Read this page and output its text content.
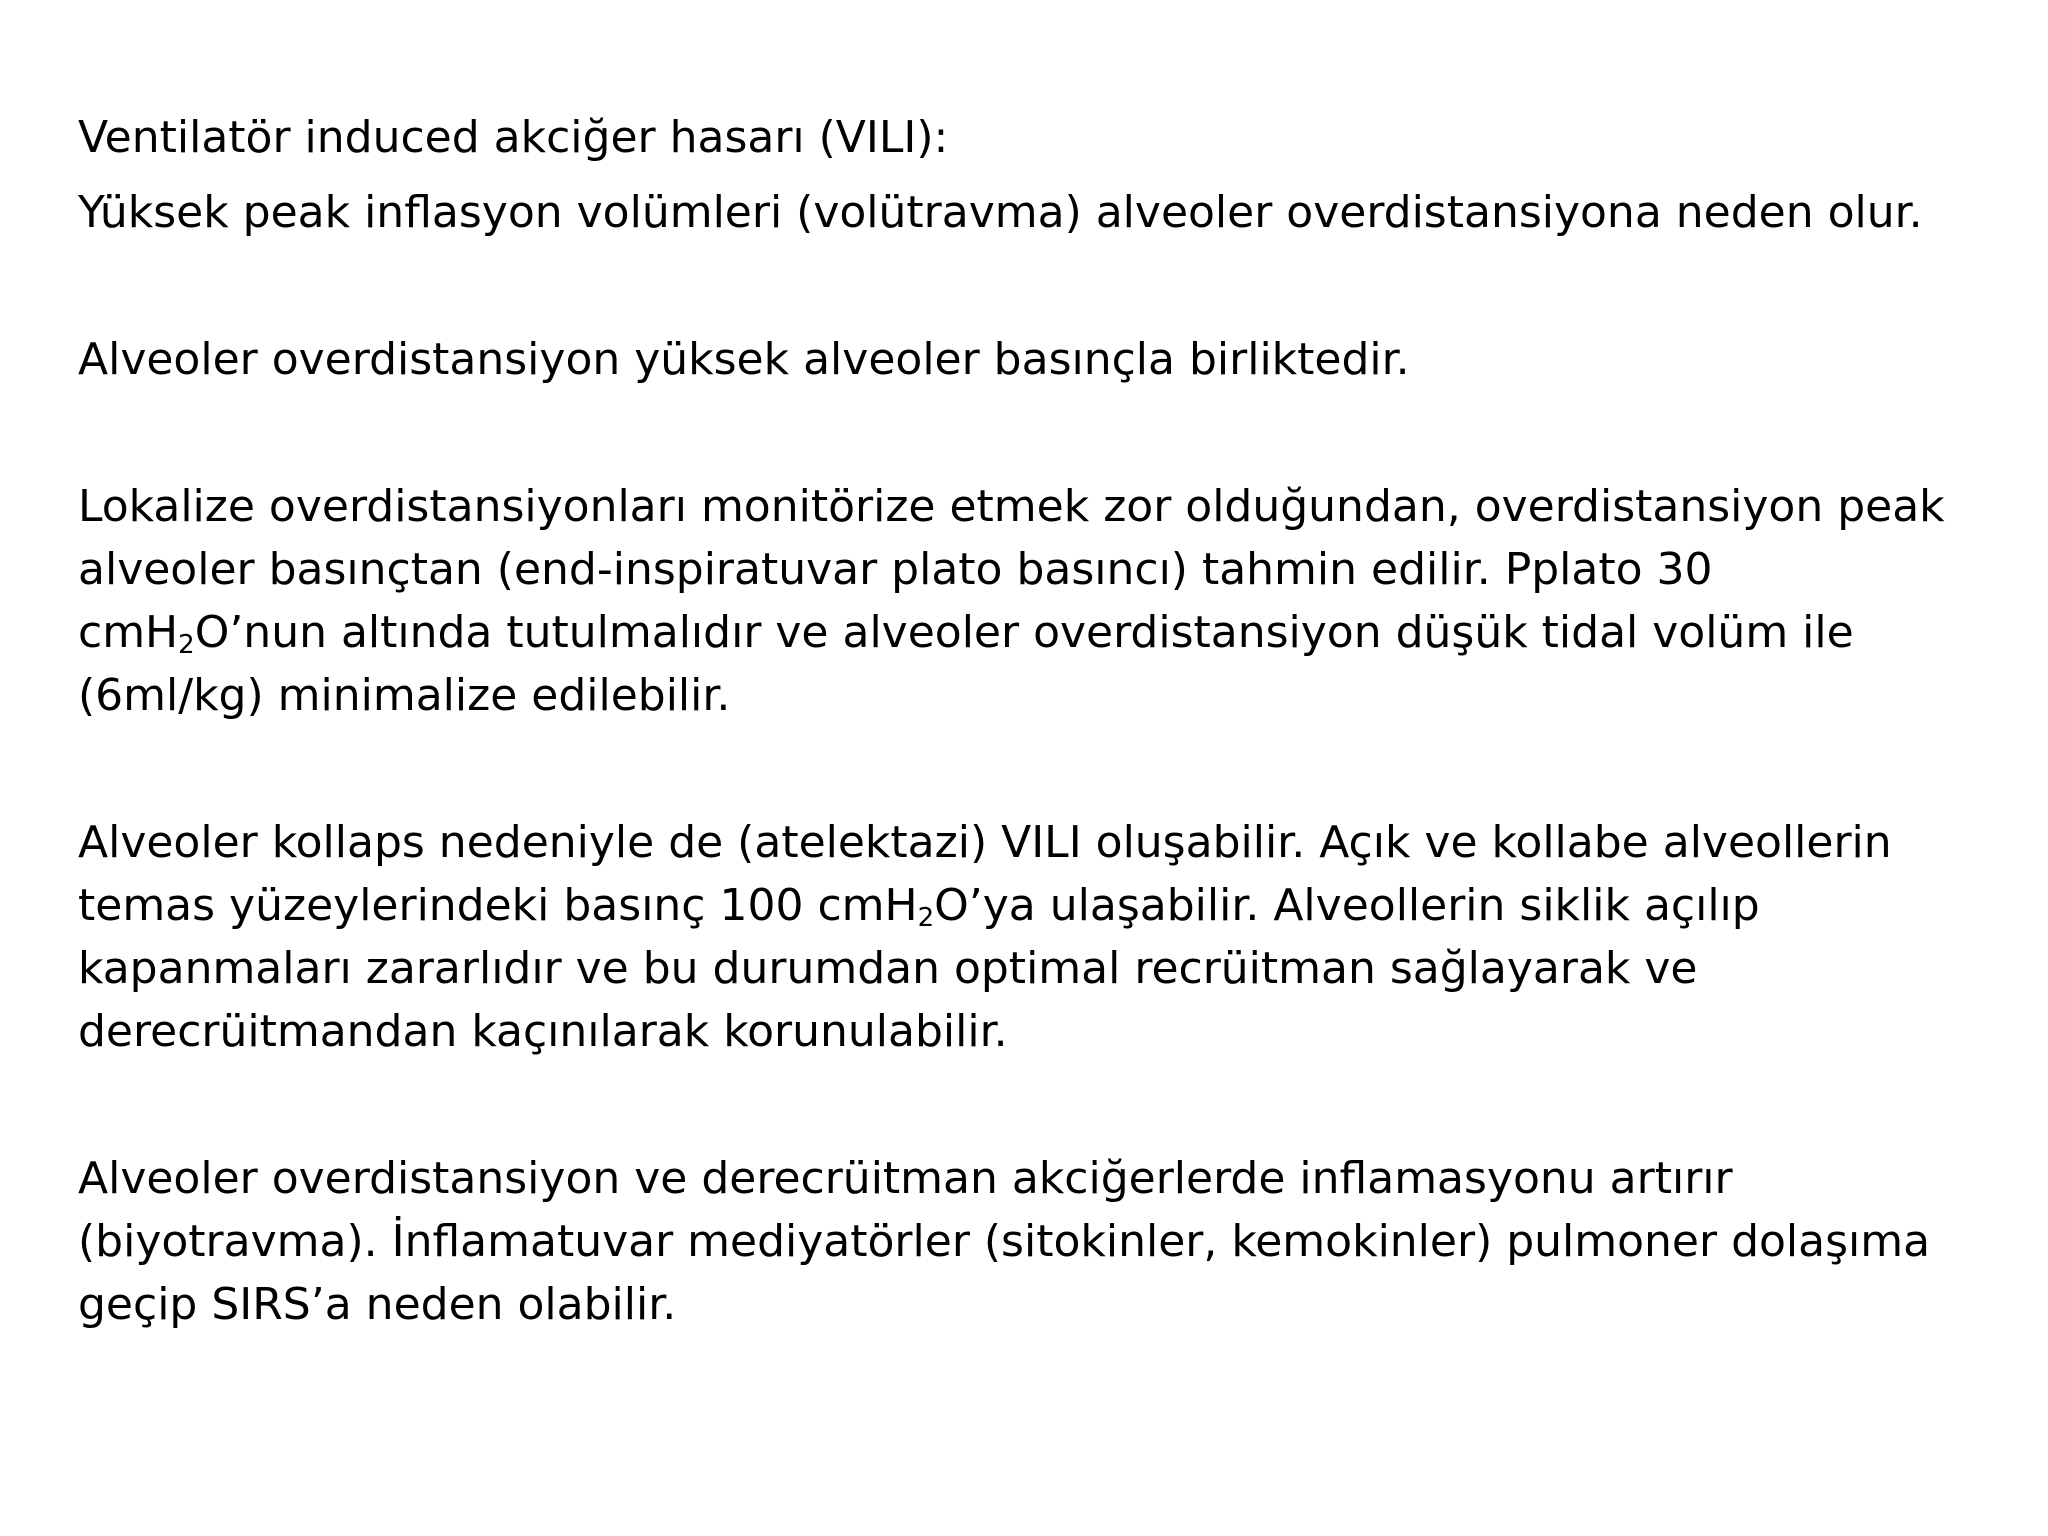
Ventilatör induced akciğer hasarı (VILI):

Yüksek peak inflasyon volümleri (volütravma) alveoler overdistansiyona neden olur.

Alveoler overdistansiyon yüksek alveoler basınçla birliktedir.

Lokalize overdistansiyonları monitörize etmek zor olduğundan, overdistansiyon peak
alveoler basınçtan (end-inspiratuvar plato basıncı) tahmin edilir. Pplato 30
cmH$_2$O’nun altında tutulmalıdır ve alveoler overdistansiyon düşük tidal volüm ile
(6ml/kg) minimalize edilebilir.

Alveoler kollaps nedeniyle de (atelektazi) VILI oluşabilir. Açık ve kollabe alveollerin
temas yüzeylerindeki basınç 100 cmH$_2$O’ya ulaşabilir. Alveollerin siklik açılıp
kapanmaları zararlıdır ve bu durumdan optimal recrüitman sağlayarak ve
derecrüitmandan kaçınılarak korunulabilir.

Alveoler overdistansiyon ve derecrüitman akciğerlerde inflamasyonu artırır
(biyotravma). İnflamatuvar mediyatörler (sitokinler, kemokinler) pulmoner dolaşıma
geçip SIRS’a neden olabilir.
